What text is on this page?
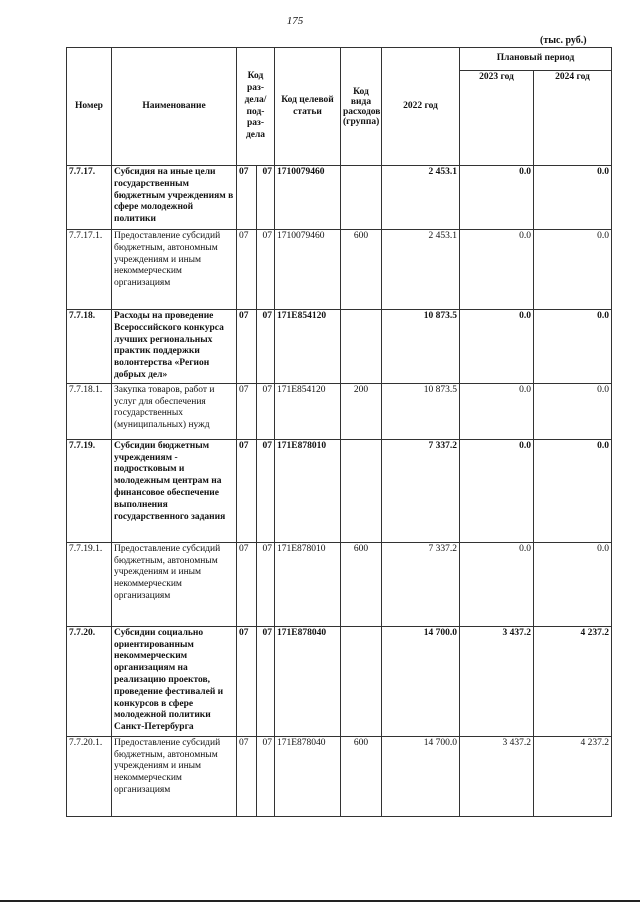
175
(тыс. руб.)
Номер	Наименование	Код раз-дела/ под-раз-дела		Код целевой статьи	Код вида расходов (группа)	2022 год	Плановый период	
							2023 год	2024 год
7.7.17.	Субсидия на иные цели государственным бюджетным учреждениям в сфере молодежной политики	07	07	1710079460		2 453.1	0.0	0.0
7.7.17.1.	Предоставление субсидий бюджетным, автономным учреждениям и иным некоммерческим организациям	07	07	1710079460	600	2 453.1	0.0	0.0
7.7.18.	Расходы на проведение Всероссийского конкурса лучших региональных практик поддержки волонтерства «Регион добрых дел»	07	07	171E854120		10 873.5	0.0	0.0
7.7.18.1.	Закупка товаров, работ и услуг для обеспечения государственных (муниципальных) нужд	07	07	171E854120	200	10 873.5	0.0	0.0
7.7.19.	Субсидии бюджетным учреждениям - подростковым и молодежным центрам на финансовое обеспечение выполнения государственного задания	07	07	171E878010		7 337.2	0.0	0.0
7.7.19.1.	Предоставление субсидий бюджетным, автономным учреждениям и иным некоммерческим организациям	07	07	171E878010	600	7 337.2	0.0	0.0
7.7.20.	Субсидии социально ориентированным некоммерческим организациям на реализацию проектов, проведение фестивалей и конкурсов в сфере молодежной политики Санкт-Петербурга	07	07	171E878040		14 700.0	3 437.2	4 237.2
7.7.20.1.	Предоставление субсидий бюджетным, автономным учреждениям и иным некоммерческим организациям	07	07	171E878040	600	14 700.0	3 437.2	4 237.2
